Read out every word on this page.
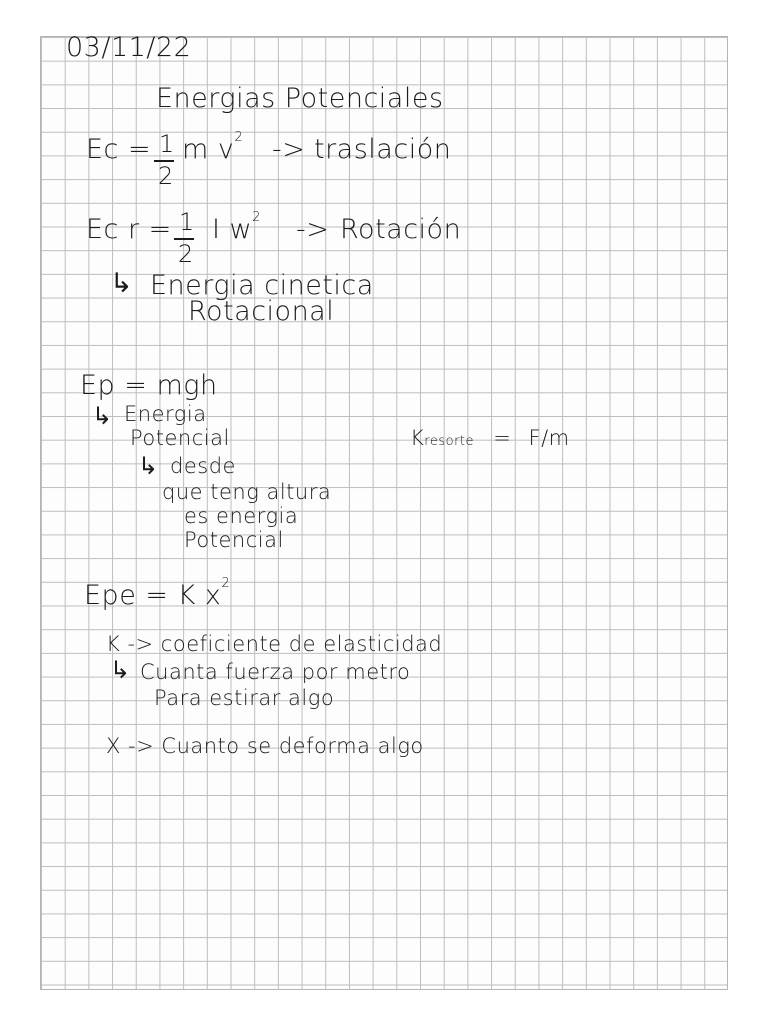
03/11/22
Energias Potenciales
Ec = 1
2
m $v^2$ -> traslación
Ec r = 1
2
I $w^2$ -> Rotación
↳ Energia cinetica
Rotacional
Ep = mgh
↳ Energia
Potencial
↳ desde
que teng altura
es energia
Potencial
Kresorte = F/m
Epe = K $x^2$
K -> coeficiente de elasticidad
↳ Cuanta fuerza por metro
Para estirar algo
X -> Cuanto se deforma algo
